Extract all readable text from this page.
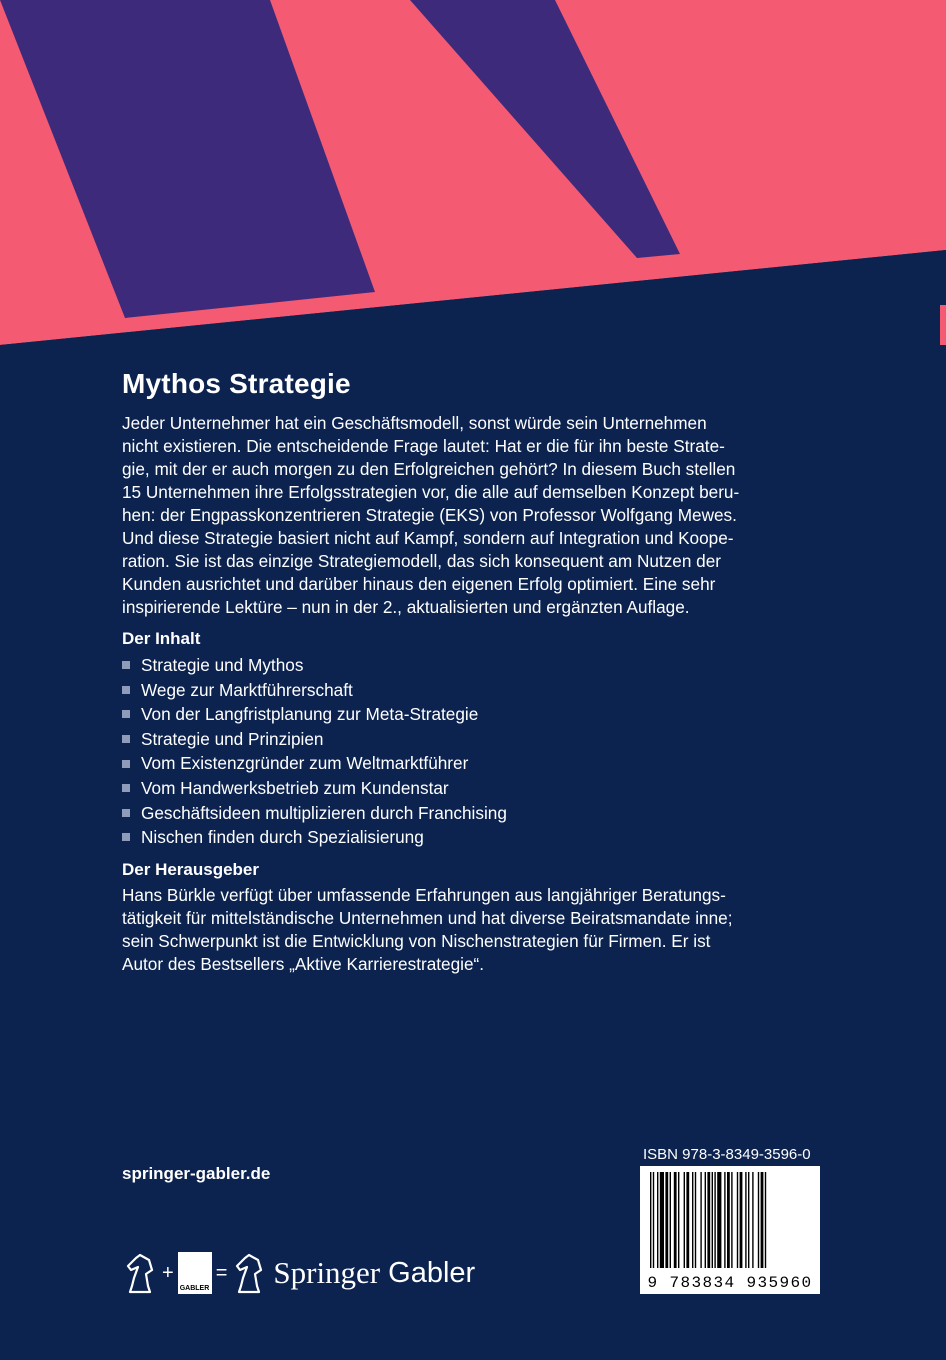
Mythos Strategie

Jeder Unternehmer hat ein Geschäftsmodell, sonst würde sein Unternehmen
nicht existieren. Die entscheidende Frage lautet: Hat er die für ihn beste Strate-
gie, mit der er auch morgen zu den Erfolgreichen gehört? In diesem Buch stellen
15 Unternehmen ihre Erfolgsstrategien vor, die alle auf demselben Konzept beru-
hen: der Engpasskonzentrieren Strategie (EKS) von Professor Wolfgang Mewes.
Und diese Strategie basiert nicht auf Kampf, sondern auf Integration und Koope-
ration. Sie ist das einzige Strategiemodell, das sich konsequent am Nutzen der
Kunden ausrichtet und darüber hinaus den eigenen Erfolg optimiert. Eine sehr
inspirierende Lektüre – nun in der 2., aktualisierten und ergänzten Auflage.

Der Inhalt
Strategie und Mythos
Wege zur Marktführerschaft
Von der Langfristplanung zur Meta-Strategie
Strategie und Prinzipien
Vom Existenzgründer zum Weltmarktführer
Vom Handwerksbetrieb zum Kundenstar
Geschäftsideen multiplizieren durch Franchising
Nischen finden durch Spezialisierung
Der Herausgeber

Hans Bürkle verfügt über umfassende Erfahrungen aus langjähriger Beratungs-
tätigkeit für mittelständische Unternehmen und hat diverse Beiratsmandate inne;
sein Schwerpunkt ist die Entwicklung von Nischenstrategien für Firmen. Er ist
Autor des Bestsellers „Aktive Karrierestrategie“.

springer-gabler.de
+
GABLER
= Springer Gabler
ISBN 978-3-8349-3596-0
9 783834 935960
